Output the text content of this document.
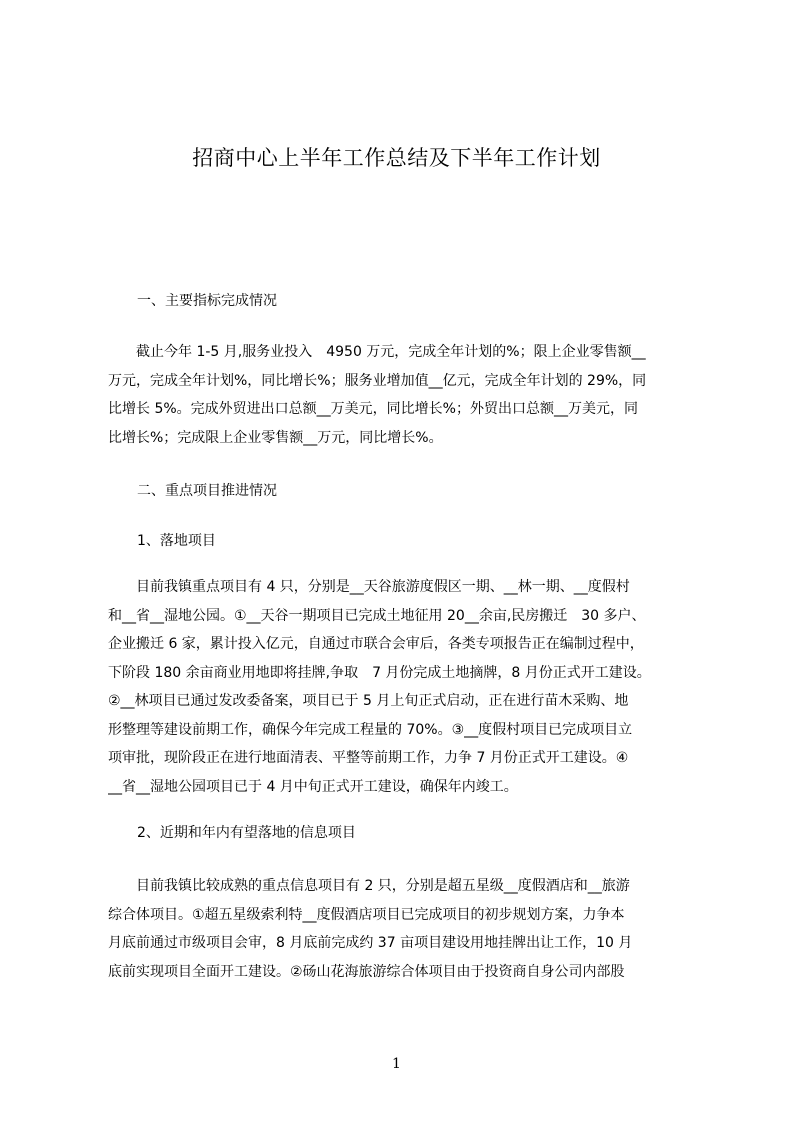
招商中心上半年工作总结及下半年工作计划
一、主要指标完成情况
　　截止今年 1-5 月,服务业投入　4950 万元，完成全年计划的%；限上企业零售额__
万元，完成全年计划%，同比增长%；服务业增加值__亿元，完成全年计划的 29%，同
比增长 5%。完成外贸进出口总额__万美元，同比增长%；外贸出口总额__万美元，同
比增长%；完成限上企业零售额__万元，同比增长%。
二、重点项目推进情况
1、落地项目
　　目前我镇重点项目有 4 只，分别是__天谷旅游度假区一期、__林一期、__度假村
和__省__湿地公园。①__天谷一期项目已完成土地征用 20__余亩,民房搬迁　30 多户、
企业搬迁 6 家，累计投入亿元，自通过市联合会审后，各类专项报告正在编制过程中，
下阶段 180 余亩商业用地即将挂牌,争取　7 月份完成土地摘牌，8 月份正式开工建设。
②__林项目已通过发改委备案，项目已于 5 月上旬正式启动，正在进行苗木采购、地
形整理等建设前期工作，确保今年完成工程量的 70%。③__度假村项目已完成项目立
项审批，现阶段正在进行地面清表、平整等前期工作，力争 7 月份正式开工建设。④
__省__湿地公园项目已于 4 月中旬正式开工建设，确保年内竣工。
2、近期和年内有望落地的信息项目
　　目前我镇比较成熟的重点信息项目有 2 只，分别是超五星级__度假酒店和__旅游
综合体项目。①超五星级索利特__度假酒店项目已完成项目的初步规划方案，力争本
月底前通过市级项目会审，8 月底前完成约 37 亩项目建设用地挂牌出让工作，10 月
底前实现项目全面开工建设。②砀山花海旅游综合体项目由于投资商自身公司内部股
1
